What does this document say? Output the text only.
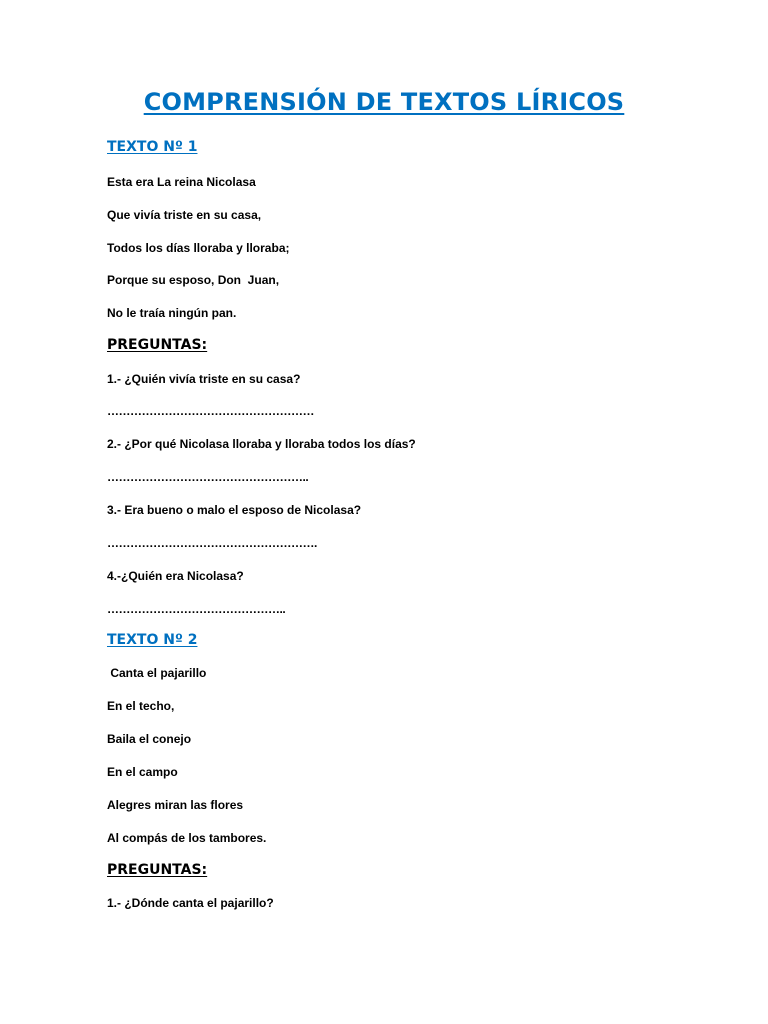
COMPRENSIÓN DE TEXTOS LÍRICOS
TEXTO Nº 1
Esta era La reina Nicolasa
Que vivía triste en su casa,
Todos los días lloraba y lloraba;
Porque su esposo, Don  Juan,
No le traía ningún pan.
PREGUNTAS:
1.- ¿Quién vivía triste en su casa?
………………………………………………
2.- ¿Por qué Nicolasa lloraba y lloraba todos los días?
……………………………………………..
3.- Era bueno o malo el esposo de Nicolasa?
……………………………………………….
4.-¿Quién era Nicolasa?
………………………………………..
TEXTO Nº 2
Canta el pajarillo
En el techo,
Baila el conejo
En el campo
Alegres miran las flores
Al compás de los tambores.
PREGUNTAS:
1.- ¿Dónde canta el pajarillo?
